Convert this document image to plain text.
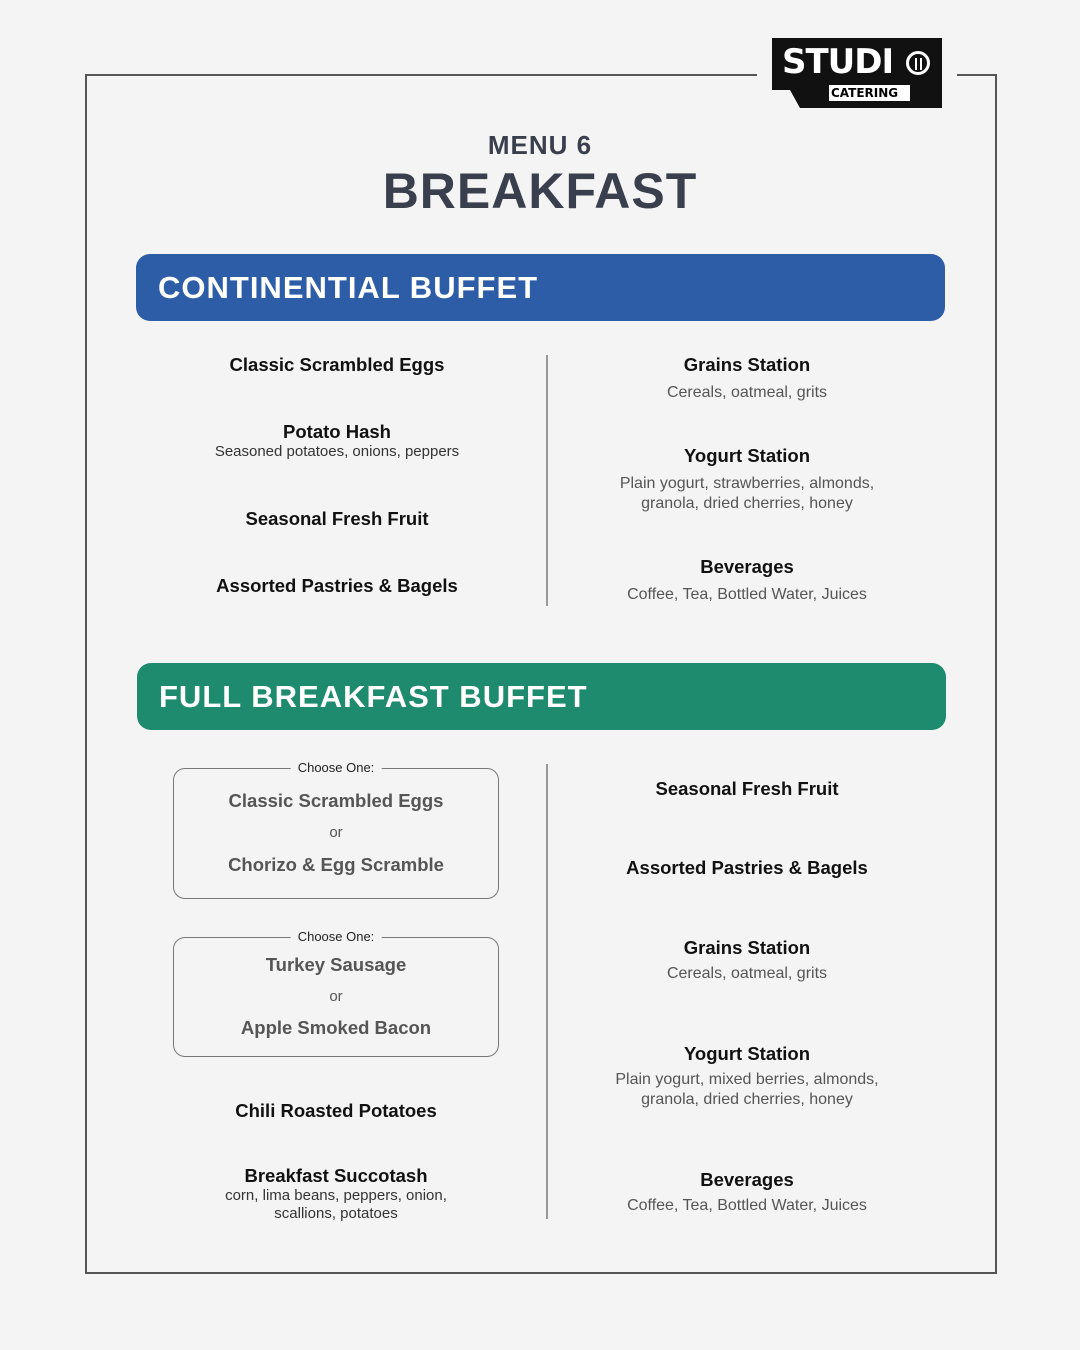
STUDI
CATERING
MENU 6
BREAKFAST
CONTINENTIAL BUFFET
Classic Scrambled Eggs
Potato Hash
Seasoned potatoes, onions, peppers
Seasonal Fresh Fruit
Assorted Pastries & Bagels
Grains Station
Cereals, oatmeal, grits
Yogurt Station
Plain yogurt, strawberries, almonds,
granola, dried cherries, honey
Beverages
Coffee, Tea, Bottled Water, Juices
FULL BREAKFAST BUFFET
Choose One:
Classic Scrambled Eggs
or
Chorizo & Egg Scramble
Choose One:
Turkey Sausage
or
Apple Smoked Bacon
Chili Roasted Potatoes
Breakfast Succotash
corn, lima beans, peppers, onion,
scallions, potatoes
Seasonal Fresh Fruit
Assorted Pastries & Bagels
Grains Station
Cereals, oatmeal, grits
Yogurt Station
Plain yogurt, mixed berries, almonds,
granola, dried cherries, honey
Beverages
Coffee, Tea, Bottled Water, Juices
